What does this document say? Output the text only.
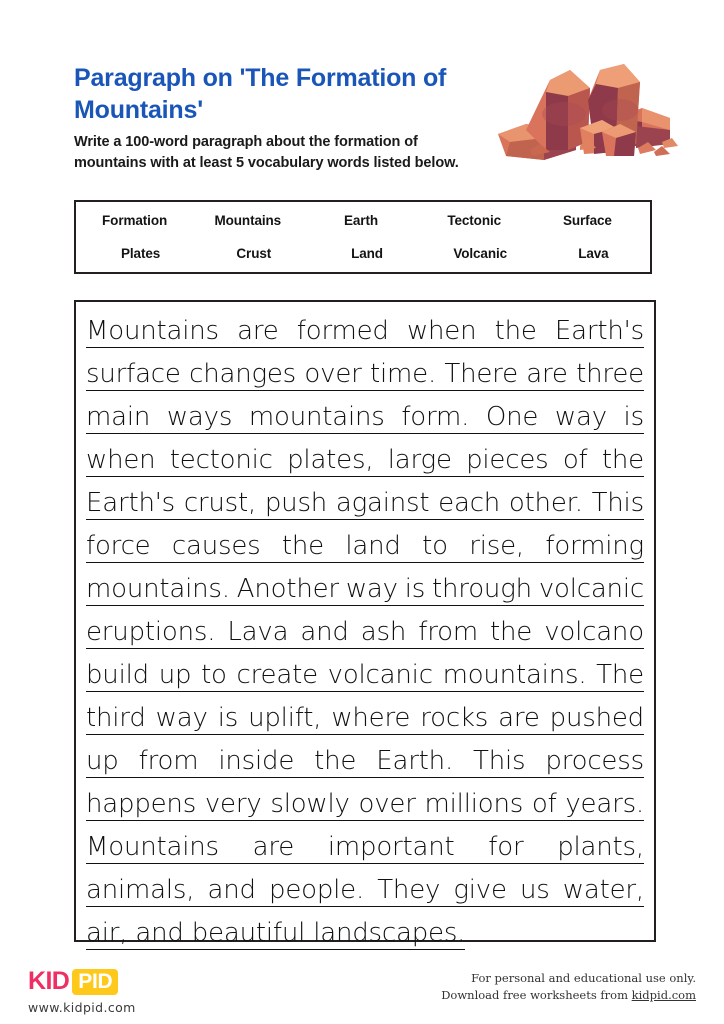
Paragraph on 'The Formation of Mountains'

Write a 100-word paragraph about the formation of mountains with at least 5 vocabulary words listed below.

Formation	Mountains	Earth	Tectonic	Surface
Plates	Crust	Land	Volcanic	Lava
Mountains are formed when the Earth's
surface changes over time. There are three
main ways mountains form. One way is
when tectonic plates, large pieces of the
Earth's crust, push against each other. This
force causes the land to rise, forming
mountains. Another way is through volcanic
eruptions. Lava and ash from the volcano
build up to create volcanic mountains. The
third way is uplift, where rocks are pushed
up from inside the Earth. This process
happens very slowly over millions of years.
Mountains are important for plants,
animals, and people. They give us water,
air, and beautiful landscapes.
KID PID
www.kidpid.com
For personal and educational use only.
Download free worksheets from kidpid.com
